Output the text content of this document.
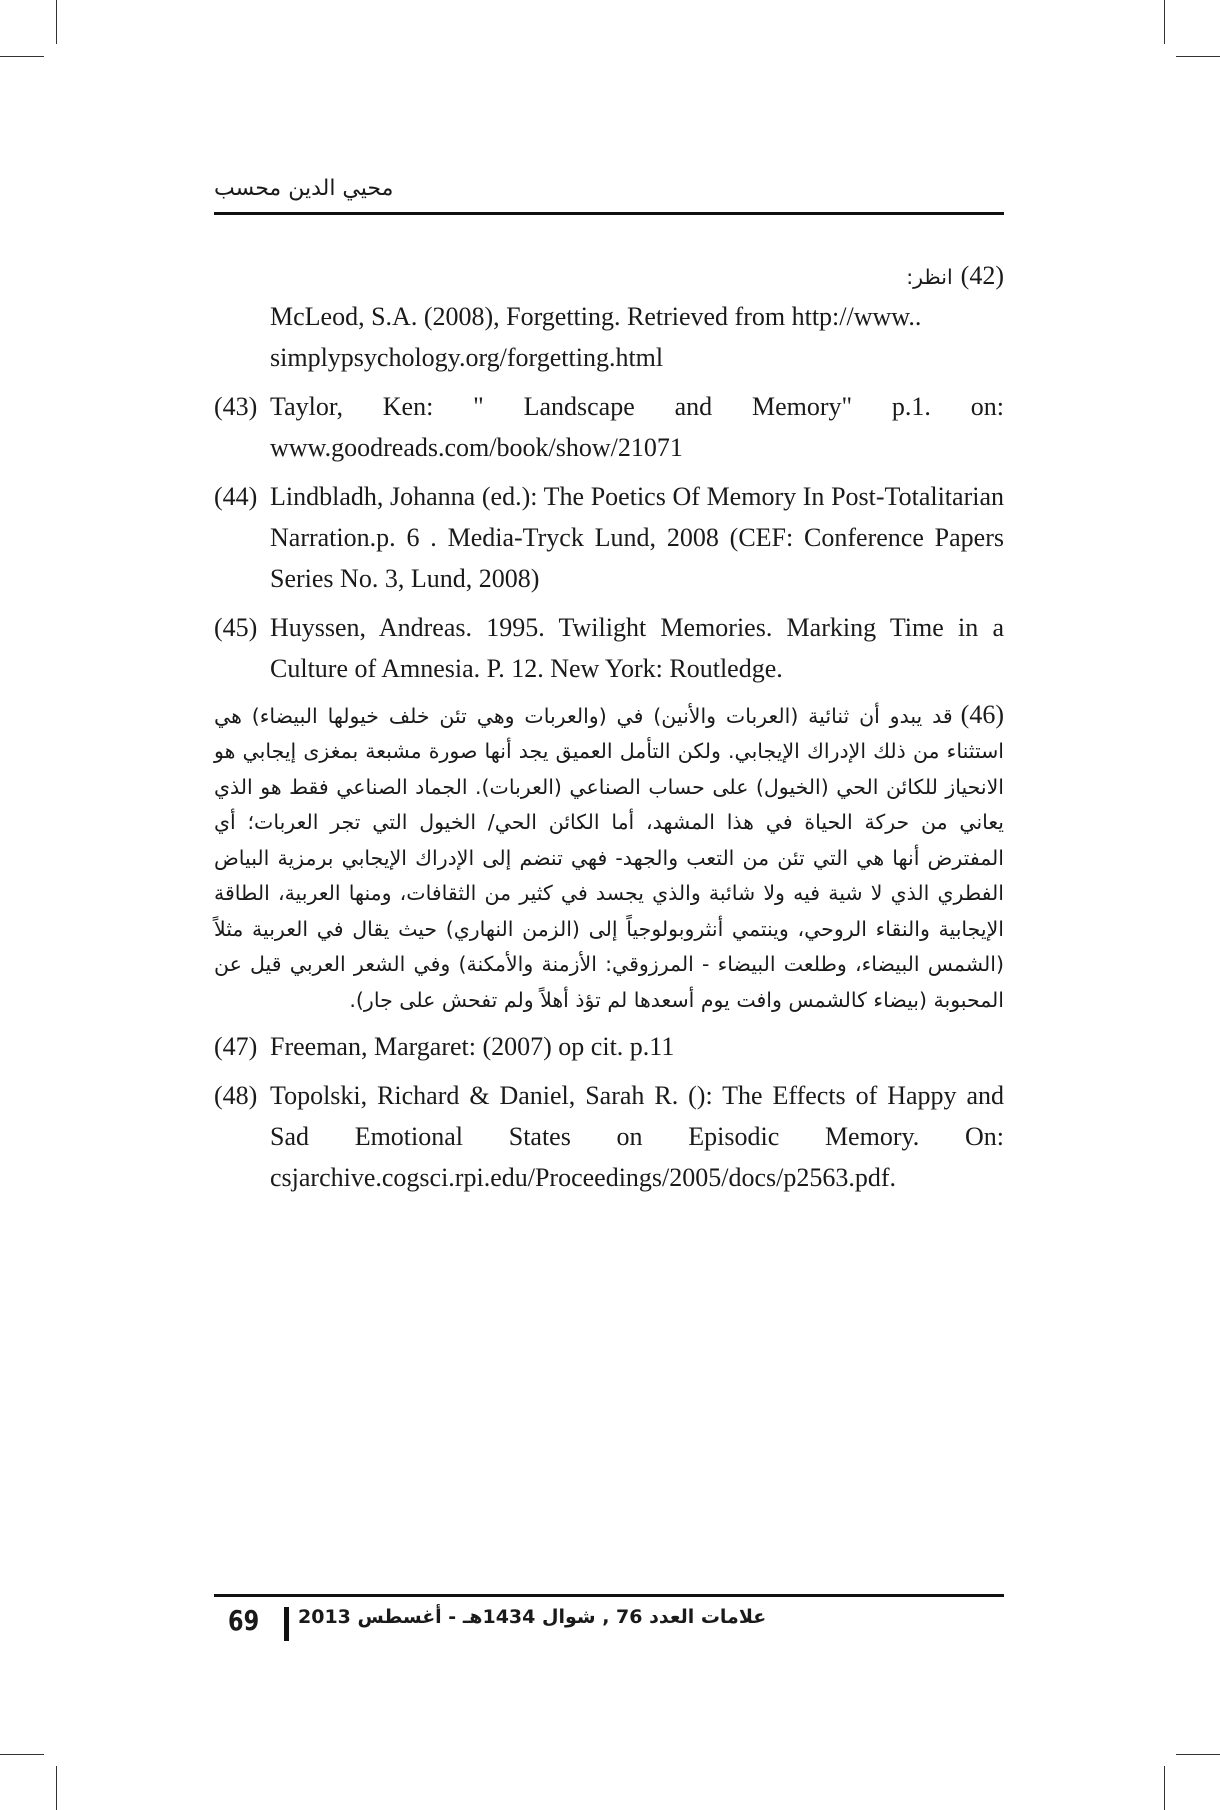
محيي الدين محسب
(42)انظر:
McLeod, S.A. (2008), Forgetting. Retrieved from http://www.. simplypsychology.org/forgetting.html
(43) Taylor, Ken: " Landscape and Memory" p.1. on: www.goodreads.com/book/show/21071
(44) Lindbladh, Johanna (ed.): The Poetics Of Memory In Post-Totalitarian Narration.p. 6 . Media-Tryck Lund, 2008 (CEF: Conference Papers Series No. 3, Lund, 2008)
(45) Huyssen, Andreas. 1995. Twilight Memories. Marking Time in a Culture of Amnesia. P. 12. New York: Routledge.
(46)قد يبدو أن ثنائية (العربات والأنين) في (والعربات وهي تئن خلف خيولها البيضاء) هي استثناء من ذلك الإدراك الإيجابي. ولكن التأمل العميق يجد أنها صورة مشبعة بمغزى إيجابي هو الانحياز للكائن الحي (الخيول) على حساب الصناعي (العربات). الجماد الصناعي فقط هو الذي يعاني من حركة الحياة في هذا المشهد، أما الكائن الحي/ الخيول التي تجر العربات؛ أي المفترض أنها هي التي تئن من التعب والجهد- فهي تنضم إلى الإدراك الإيجابي برمزية البياض الفطري الذي لا شية فيه ولا شائبة والذي يجسد في كثير من الثقافات، ومنها العربية، الطاقة الإيجابية والنقاء الروحي، وينتمي أنثروبولوجياً إلى (الزمن النهاري) حيث يقال في العربية مثلاً (الشمس البيضاء، وطلعت البيضاء - المرزوقي: الأزمنة والأمكنة) وفي الشعر العربي قيل عن المحبوبة (بيضاء كالشمس وافت يوم أسعدها لم تؤذ أهلاً ولم تفحش على جار).
(47) Freeman, Margaret: (2007) op cit. p.11
(48) Topolski, Richard & Daniel, Sarah R. (): The Effects of Happy and Sad Emotional States on Episodic Memory. On: csjarchive.cogsci.rpi.edu/Proceedings/2005/docs/p2563.pdf.
69 علامات العدد 76 , شوال 1434هـ - أغسطس 2013
